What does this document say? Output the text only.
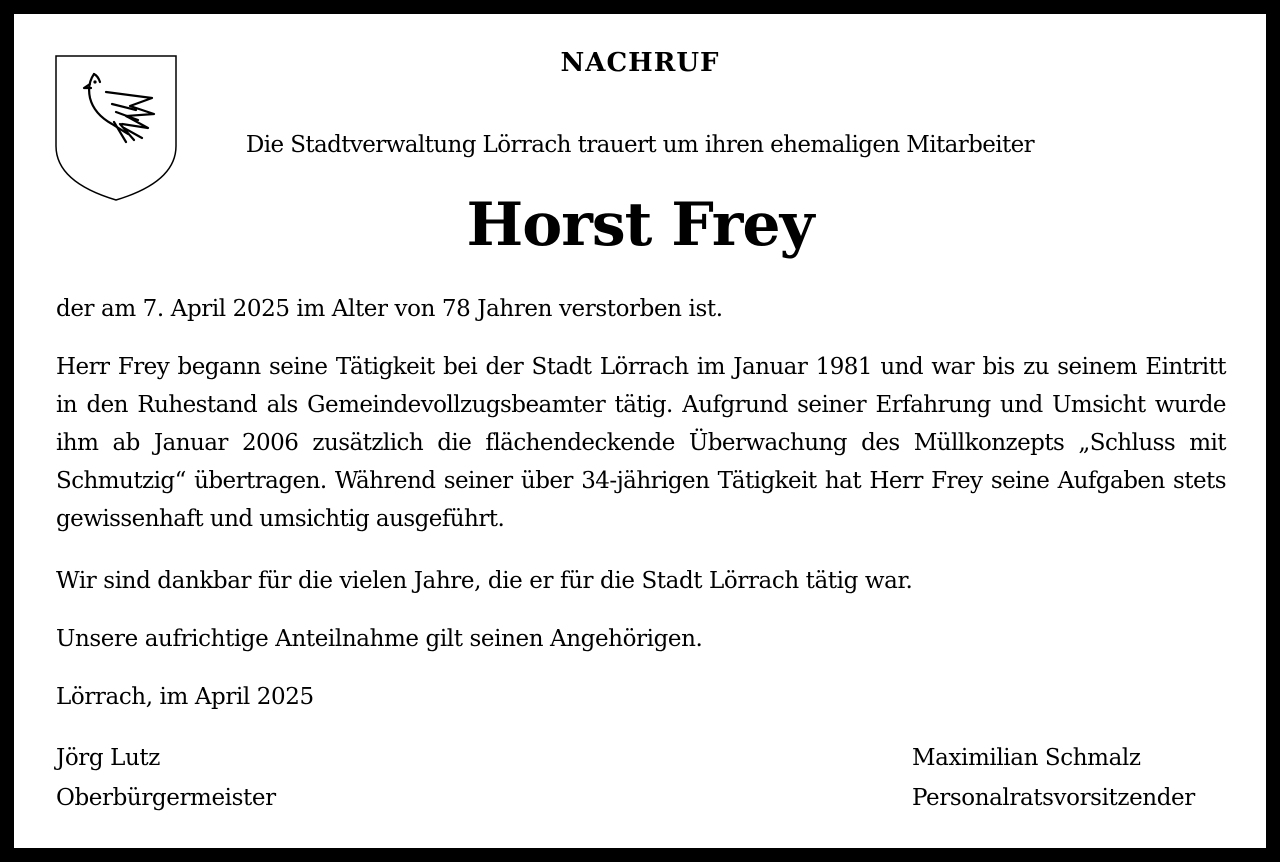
NACHRUF
Die Stadtverwaltung Lörrach trauert um ihren ehemaligen Mitarbeiter
Horst Frey

der am 7. April 2025 im Alter von 78 Jahren verstorben ist.

Herr Frey begann seine Tätigkeit bei der Stadt Lörrach im Januar 1981 und war bis zu seinem Eintritt in den Ruhestand als Gemeindevollzugsbeamter tätig. Aufgrund seiner Erfahrung und Umsicht wurde ihm ab Januar 2006 zusätzlich die flächendeckende Überwachung des Müllkonzepts „Schluss mit Schmutzig“ übertragen. Während seiner über 34-jährigen Tätigkeit hat Herr Frey seine Aufgaben stets gewissenhaft und umsichtig ausgeführt.

Wir sind dankbar für die vielen Jahre, die er für die Stadt Lörrach tätig war.

Unsere aufrichtige Anteilnahme gilt seinen Angehörigen.

Lörrach, im April 2025

Jörg Lutz
Oberbürgermeister
Maximilian Schmalz
Personalratsvorsitzender
